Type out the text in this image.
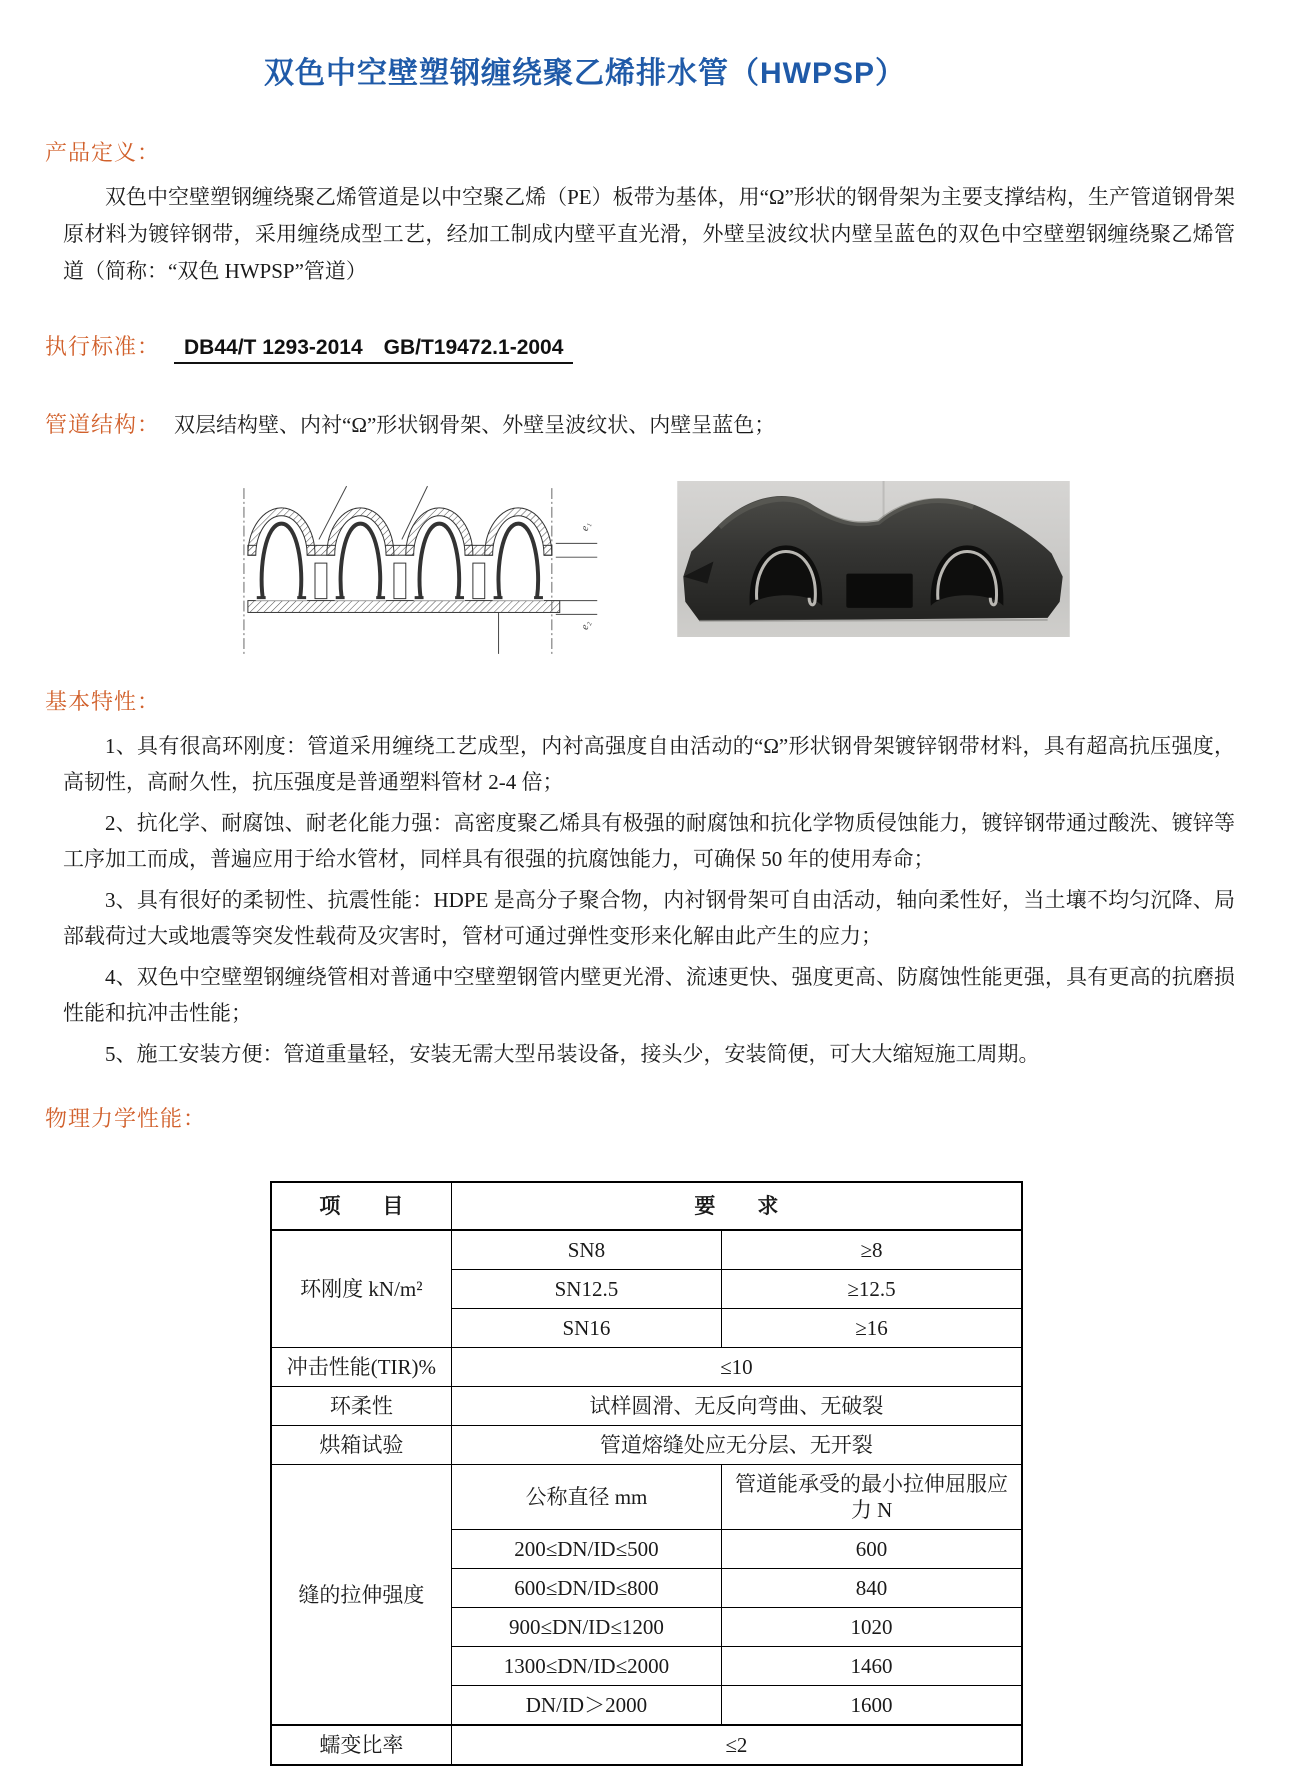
双色中空壁塑钢缠绕聚乙烯排水管（HWPSP）
产品定义：

双色中空壁塑钢缠绕聚乙烯管道是以中空聚乙烯（PE）板带为基体，用“Ω”形状的钢骨架为主要支撑结构，生产管道钢骨架原材料为镀锌钢带，采用缠绕成型工艺，经加工制成内壁平直光滑，外壁呈波纹状内壁呈蓝色的双色中空壁塑钢缠绕聚乙烯管道（简称：“双色 HWPSP”管道）

执行标准：	DB44/T 1293-2014　GB/T19472.1-2004
管道结构： 双层结构壁、内衬“Ω”形状钢骨架、外壁呈波纹状、内壁呈蓝色；
e₁
e₂
基本特性：

1、具有很高环刚度：管道采用缠绕工艺成型，内衬高强度自由活动的“Ω”形状钢骨架镀锌钢带材料，具有超高抗压强度，高韧性，高耐久性，抗压强度是普通塑料管材 2-4 倍；

2、抗化学、耐腐蚀、耐老化能力强：高密度聚乙烯具有极强的耐腐蚀和抗化学物质侵蚀能力，镀锌钢带通过酸洗、镀锌等工序加工而成，普遍应用于给水管材，同样具有很强的抗腐蚀能力，可确保 50 年的使用寿命；

3、具有很好的柔韧性、抗震性能：HDPE 是高分子聚合物，内衬钢骨架可自由活动，轴向柔性好，当土壤不均匀沉降、局部载荷过大或地震等突发性载荷及灾害时，管材可通过弹性变形来化解由此产生的应力；

4、双色中空壁塑钢缠绕管相对普通中空壁塑钢管内壁更光滑、流速更快、强度更高、防腐蚀性能更强，具有更高的抗磨损性能和抗冲击性能；

5、施工安装方便：管道重量轻，安装无需大型吊装设备，接头少，安装简便，可大大缩短施工周期。

物理力学性能：
项　　目	要　　求	
环刚度 kN/m²	SN8	≥8
	SN12.5	≥12.5
	SN16	≥16
冲击性能(TIR)%	≤10	
环柔性	试样圆滑、无反向弯曲、无破裂	
烘箱试验	管道熔缝处应无分层、无开裂	
缝的拉伸强度	公称直径 mm	管道能承受的最小拉伸屈服应力 N
	200≤DN/ID≤500	600
	600≤DN/ID≤800	840
	900≤DN/ID≤1200	1020
	1300≤DN/ID≤2000	1460
	DN/ID＞2000	1600
蠕变比率	≤2	
